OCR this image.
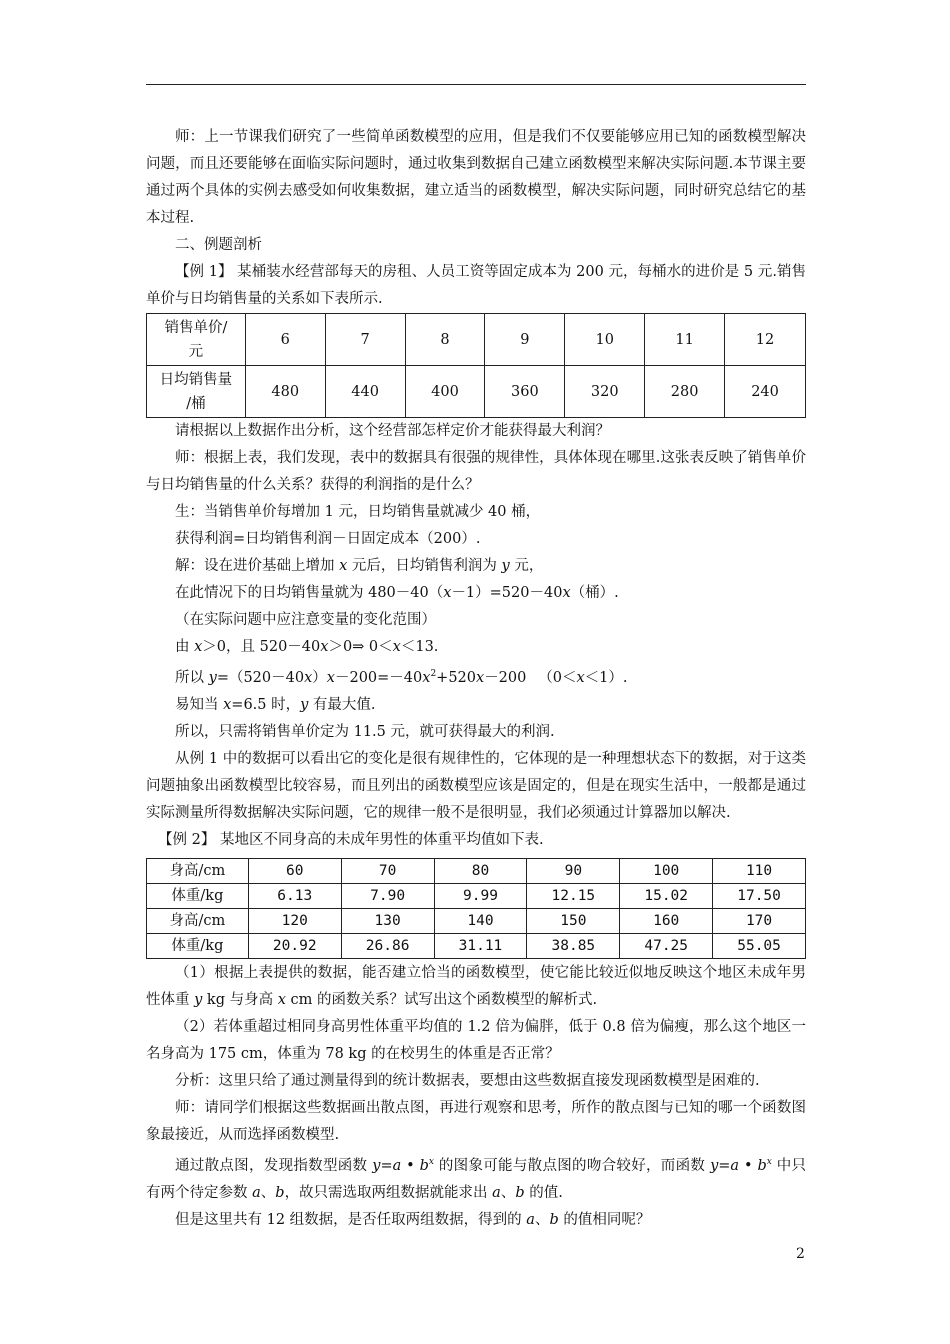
师：上一节课我们研究了一些简单函数模型的应用，但是我们不仅要能够应用已知的函数模型解决问题，而且还要能够在面临实际问题时，通过收集到数据自己建立函数模型来解决实际问题.本节课主要通过两个具体的实例去感受如何收集数据，建立适当的函数模型，解决实际问题，同时研究总结它的基本过程.

二、例题剖析

【例 1】 某桶装水经营部每天的房租、人员工资等固定成本为 200 元，每桶水的进价是 5 元.销售单价与日均销售量的关系如下表所示.

销售单价/
元	6	7	8	9	10	11	12
日均销售量
/桶	480	440	400	360	320	280	240

请根据以上数据作出分析，这个经营部怎样定价才能获得最大利润？

师：根据上表，我们发现，表中的数据具有很强的规律性，具体体现在哪里.这张表反映了销售单价与日均销售量的什么关系？获得的利润指的是什么？

生：当销售单价每增加 1 元，日均销售量就减少 40 桶，

获得利润=日均销售利润－日固定成本（200）.

解：设在进价基础上增加 x 元后，日均销售利润为 y 元，

在此情况下的日均销售量就为 480－40（x－1）=520－40x（桶）.

（在实际问题中应注意变量的变化范围）

由 x＞0，且 520－40x＞0⇒ 0＜x＜13.

所以 $y=(520-40x)x-200=-40x^2+520x-200$ 　（0＜x＜1）.

易知当 x=6.5 时，y 有最大值.

所以，只需将销售单价定为 11.5 元，就可获得最大的利润.

从例 1 中的数据可以看出它的变化是很有规律性的，它体现的是一种理想状态下的数据，对于这类问题抽象出函数模型比较容易，而且列出的函数模型应该是固定的，但是在现实生活中，一般都是通过实际测量所得数据解决实际问题，它的规律一般不是很明显，我们必须通过计算器加以解决.

【例 2】 某地区不同身高的未成年男性的体重平均值如下表.

身高/cm	60	70	80	90	100	110
体重/kg	6.13	7.90	9.99	12.15	15.02	17.50
身高/cm	120	130	140	150	160	170
体重/kg	20.92	26.86	31.11	38.85	47.25	55.05

（1）根据上表提供的数据，能否建立恰当的函数模型，使它能比较近似地反映这个地区未成年男性体重 y kg 与身高 x cm 的函数关系？试写出这个函数模型的解析式.

（2）若体重超过相同身高男性体重平均值的 1.2 倍为偏胖，低于 0.8 倍为偏瘦，那么这个地区一名身高为 175 cm，体重为 78 kg 的在校男生的体重是否正常？

分析：这里只给了通过测量得到的统计数据表，要想由这些数据直接发现函数模型是困难的.

师：请同学们根据这些数据画出散点图，再进行观察和思考，所作的散点图与已知的哪一个函数图象最接近，从而选择函数模型.

通过散点图，发现指数型函数 y=a • $b^x$ 的图象可能与散点图的吻合较好，而函数 y=a • $b^x$ 中只有两个待定参数 a、b，故只需选取两组数据就能求出 a、b 的值.

但是这里共有 12 组数据，是否任取两组数据，得到的 a、b 的值相同呢？

2
